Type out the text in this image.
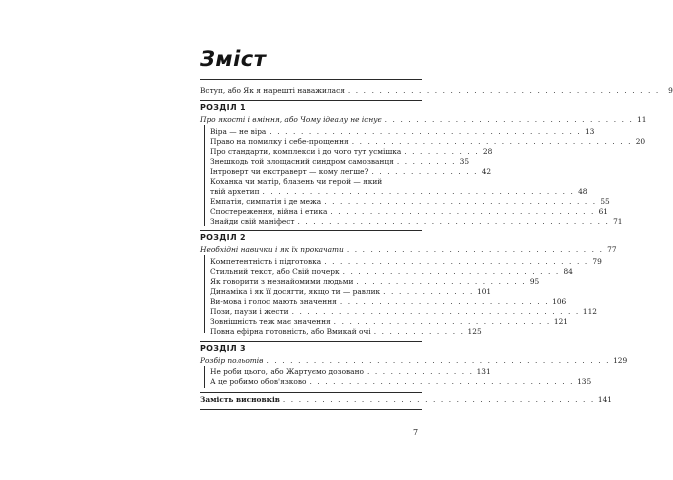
Зміст
Вступ, або Як я нарешті наважилася . . . . . . . . . . . . . . . . . . . . . . . . . . . . . . . . . . . . . . . .	9
РОЗДІЛ 1
Про якості і вміння, або Чому ідеалу не існує . . . . . . . . . . . . . . . . . . . . . . . . . . . . . . . . 11
Віра — не віра . . . . . . . . . . . . . . . . . . . . . . . . . . . . . . . . . . . . . . . . 13
Право на помилку і себе-прощення . . . . . . . . . . . . . . . . . . . . . . . . . . . . . . . . . . . . 20
Про стандарти, комплекси і до чого тут усмішка . . . . . . . . . . 28
Знешкодь той злощасний синдром самозванця . . . . . . . . 35
Інтроверт чи екстраверт — кому легше? . . . . . . . . . . . . . . 42
Коханка чи матір, блазень чи герой — який
твій архетип . . . . . . . . . . . . . . . . . . . . . . . . . . . . . . . . . . . . . . . . 48
Емпатія, симпатія і де межа . . . . . . . . . . . . . . . . . . . . . . . . . . . . . . . . . . . 55
Спостереження, війна і етика . . . . . . . . . . . . . . . . . . . . . . . . . . . . . . . . . . 61
Знайди свій маніфест . . . . . . . . . . . . . . . . . . . . . . . . . . . . . . . . . . . . . . . . 71
РОЗДІЛ 2
Необхідні навички і як їх прокачати . . . . . . . . . . . . . . . . . . . . . . . . . . . . . . . . . 77
Компетентність і підготовка . . . . . . . . . . . . . . . . . . . . . . . . . . . . . . . . . . 79
Стильний текст, або Свій почерк . . . . . . . . . . . . . . . . . . . . . . . . . . . . 84
Як говорити з незнайомими людьми . . . . . . . . . . . . . . . . . . . . . . 95
Динаміка і як її досягти, якщо ти — равлик . . . . . . . . . . . . 101
Ви-мова і голос мають значення . . . . . . . . . . . . . . . . . . . . . . . . . . . 106
Пози, паузи і жести . . . . . . . . . . . . . . . . . . . . . . . . . . . . . . . . . . . . . 112
Зовнішність теж має значення . . . . . . . . . . . . . . . . . . . . . . . . . . . . 121
Повна ефірна готовність, або Вмикай очі . . . . . . . . . . . . 125
РОЗДІЛ 3
Розбір польотів . . . . . . . . . . . . . . . . . . . . . . . . . . . . . . . . . . . . . . . . . . . . 129
Не роби цього, або Жартуємо дозовано . . . . . . . . . . . . . . 131
А це робимо обов'язково . . . . . . . . . . . . . . . . . . . . . . . . . . . . . . . . . . 135
Замість висновків . . . . . . . . . . . . . . . . . . . . . . . . . . . . . . . . . . . . . . . . 141
7
